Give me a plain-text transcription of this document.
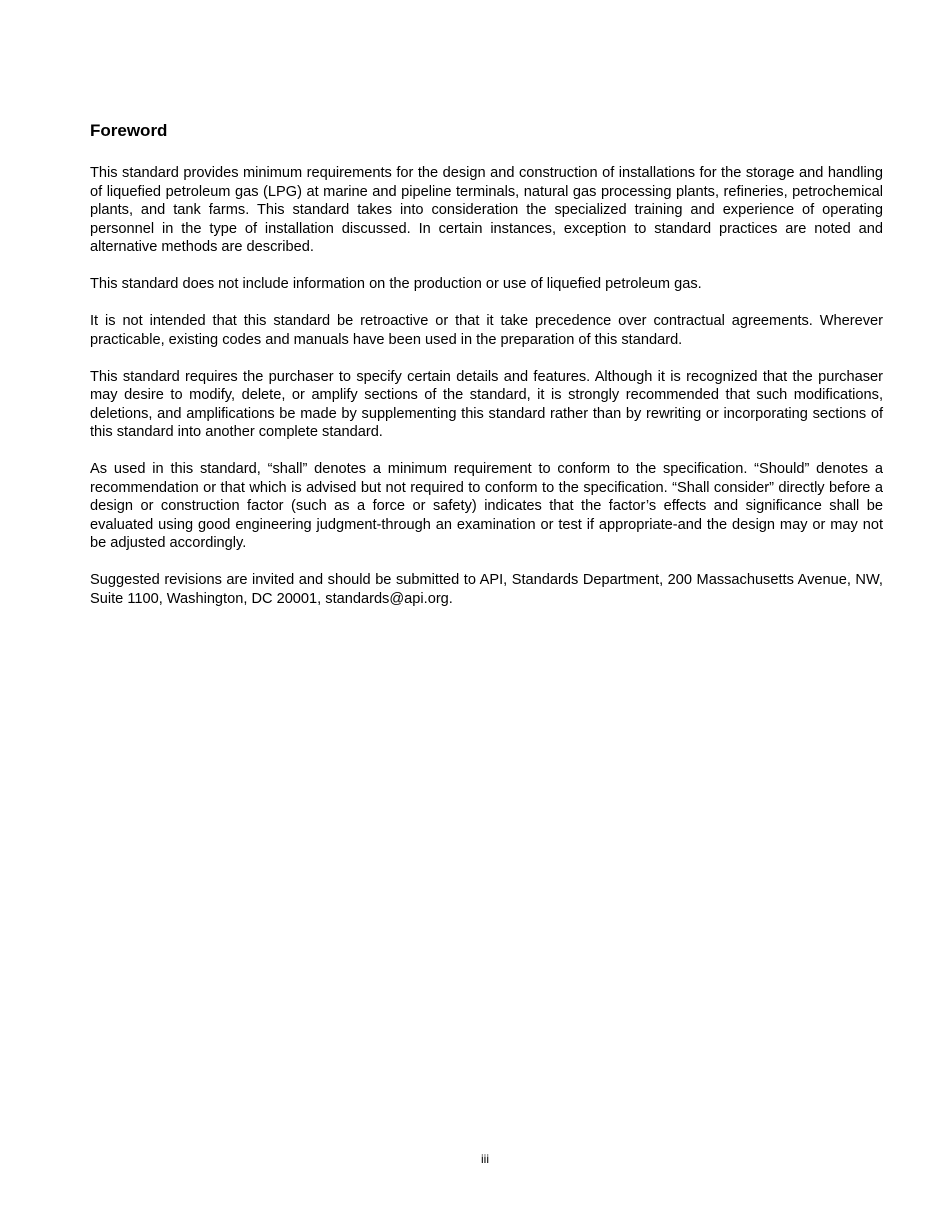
Foreword

This standard provides minimum requirements for the design and construction of installations for the storage and handling of liquefied petroleum gas (LPG) at marine and pipeline terminals, natural gas processing plants, refineries, petrochemical plants, and tank farms. This standard takes into consideration the specialized training and experience of operating personnel in the type of installation discussed. In certain instances, exception to standard practices are noted and alternative methods are described.

This standard does not include information on the production or use of liquefied petroleum gas.

It is not intended that this standard be retroactive or that it take precedence over contractual agreements. Wherever practicable, existing codes and manuals have been used in the preparation of this standard.

This standard requires the purchaser to specify certain details and features. Although it is recognized that the purchaser may desire to modify, delete, or amplify sections of the standard, it is strongly recommended that such modifications, deletions, and amplifications be made by supplementing this standard rather than by rewriting or incorporating sections of this standard into another complete standard.

As used in this standard, “shall” denotes a minimum requirement to conform to the specification. “Should” denotes a recommendation or that which is advised but not required to conform to the specification. “Shall consider” directly before a design or construction factor (such as a force or safety) indicates that the factor’s effects and significance shall be evaluated using good engineering judgment-through an examination or test if appropriate-and the design may or may not be adjusted accordingly.

Suggested revisions are invited and should be submitted to API, Standards Department, 200 Massachusetts Avenue, NW, Suite 1100, Washington, DC 20001, standards@api.org.

iii
